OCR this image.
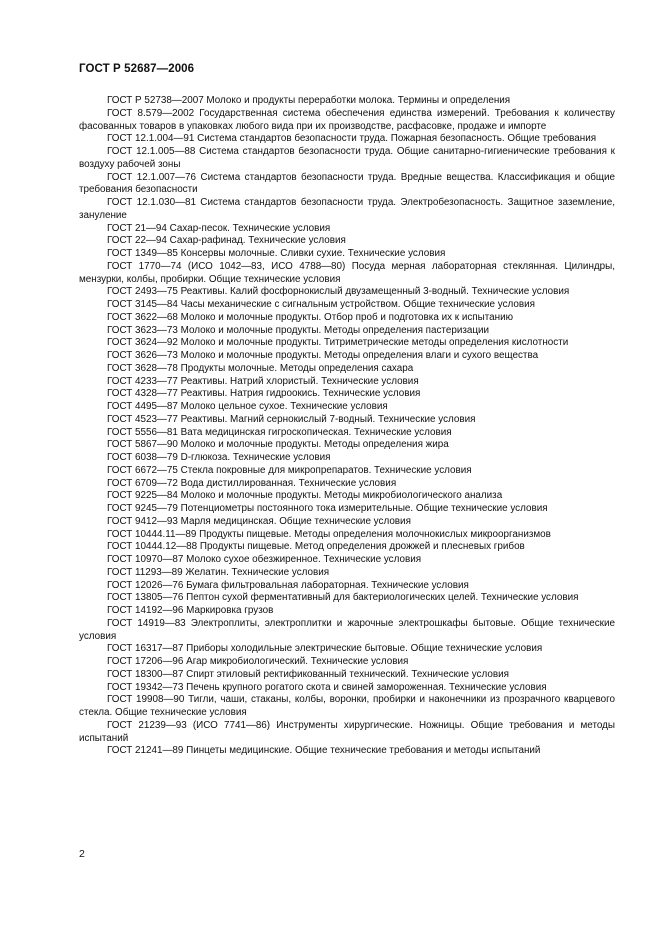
ГОСТ Р 52687—2006

ГОСТ Р 52738—2007 Молоко и продукты переработки молока. Термины и определения

ГОСТ 8.579—2002 Государственная система обеспечения единства измерений. Требования к количеству фасованных товаров в упаковках любого вида при их производстве, расфасовке, продаже и импорте

ГОСТ 12.1.004—91 Система стандартов безопасности труда. Пожарная безопасность. Общие требования

ГОСТ 12.1.005—88 Система стандартов безопасности труда. Общие санитарно-гигиенические требования к воздуху рабочей зоны

ГОСТ 12.1.007—76 Система стандартов безопасности труда. Вредные вещества. Классификация и общие требования безопасности

ГОСТ 12.1.030—81 Система стандартов безопасности труда. Электробезопасность. Защитное заземление, зануление

ГОСТ 21—94 Сахар-песок. Технические условия

ГОСТ 22—94 Сахар-рафинад. Технические условия

ГОСТ 1349—85 Консервы молочные. Сливки сухие. Технические условия

ГОСТ 1770—74 (ИСО 1042—83, ИСО 4788—80) Посуда мерная лабораторная стеклянная. Цилиндры, мензурки, колбы, пробирки. Общие технические условия

ГОСТ 2493—75 Реактивы. Калий фосфорнокислый двузамещенный 3-водный. Технические условия

ГОСТ 3145—84 Часы механические с сигнальным устройством. Общие технические условия

ГОСТ 3622—68 Молоко и молочные продукты. Отбор проб и подготовка их к испытанию

ГОСТ 3623—73 Молоко и молочные продукты. Методы определения пастеризации

ГОСТ 3624—92 Молоко и молочные продукты. Титриметрические методы определения кислотности

ГОСТ 3626—73 Молоко и молочные продукты. Методы определения влаги и сухого вещества

ГОСТ 3628—78 Продукты молочные. Методы определения сахара

ГОСТ 4233—77 Реактивы. Натрий хлористый. Технические условия

ГОСТ 4328—77 Реактивы. Натрия гидроокись. Технические условия

ГОСТ 4495—87 Молоко цельное сухое. Технические условия

ГОСТ 4523—77 Реактивы. Магний сернокислый 7-водный. Технические условия

ГОСТ 5556—81 Вата медицинская гигроскопическая. Технические условия

ГОСТ 5867—90 Молоко и молочные продукты. Методы определения жира

ГОСТ 6038—79 D-глюкоза. Технические условия

ГОСТ 6672—75 Стекла покровные для микропрепаратов. Технические условия

ГОСТ 6709—72 Вода дистиллированная. Технические условия

ГОСТ 9225—84 Молоко и молочные продукты. Методы микробиологического анализа

ГОСТ 9245—79 Потенциометры постоянного тока измерительные. Общие технические условия

ГОСТ 9412—93 Марля медицинская. Общие технические условия

ГОСТ 10444.11—89 Продукты пищевые. Методы определения молочнокислых микроорганизмов

ГОСТ 10444.12—88 Продукты пищевые. Метод определения дрожжей и плесневых грибов

ГОСТ 10970—87 Молоко сухое обезжиренное. Технические условия

ГОСТ 11293—89 Желатин. Технические условия

ГОСТ 12026—76 Бумага фильтровальная лабораторная. Технические условия

ГОСТ 13805—76 Пептон сухой ферментативный для бактериологических целей. Технические условия

ГОСТ 14192—96 Маркировка грузов

ГОСТ 14919—83 Электроплиты, электроплитки и жарочные электрошкафы бытовые. Общие технические условия

ГОСТ 16317—87 Приборы холодильные электрические бытовые. Общие технические условия

ГОСТ 17206—96 Агар микробиологический. Технические условия

ГОСТ 18300—87 Спирт этиловый ректификованный технический. Технические условия

ГОСТ 19342—73 Печень крупного рогатого скота и свиней замороженная. Технические условия

ГОСТ 19908—90 Тигли, чаши, стаканы, колбы, воронки, пробирки и наконечники из прозрачного кварцевого стекла. Общие технические условия

ГОСТ 21239—93 (ИСО 7741—86) Инструменты хирургические. Ножницы. Общие требования и методы испытаний

ГОСТ 21241—89 Пинцеты медицинские. Общие технические требования и методы испытаний

2
